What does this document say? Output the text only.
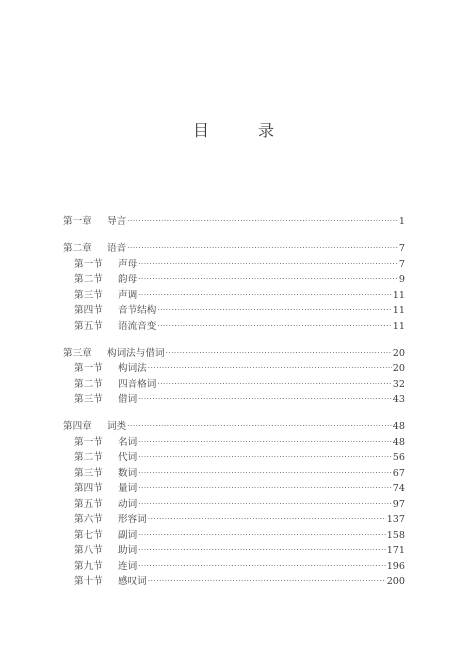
目 录
第一章	导言 ·····	1
第二章	语音 ·····	7
第一节	声母 ·····	7
第二节	韵母 ·····	9
第三节	声调 ·····	11
第四节	音节结构 ·····	11
第五节	语流音变 ·····	11
第三章	构词法与借词 ·····	20
第一节	构词法 ·····	20
第二节	四音格词 ·····	32
第三节	借词 ·····	43
第四章	词类 ·····	48
第一节	名词 ·····	48
第二节	代词 ·····	56
第三节	数词 ·····	67
第四节	量词 ·····	74
第五节	动词 ·····	97
第六节	形容词 ·····	137
第七节	副词 ·····	158
第八节	助词 ·····	171
第九节	连词 ·····	196
第十节	感叹词 ·····	200
